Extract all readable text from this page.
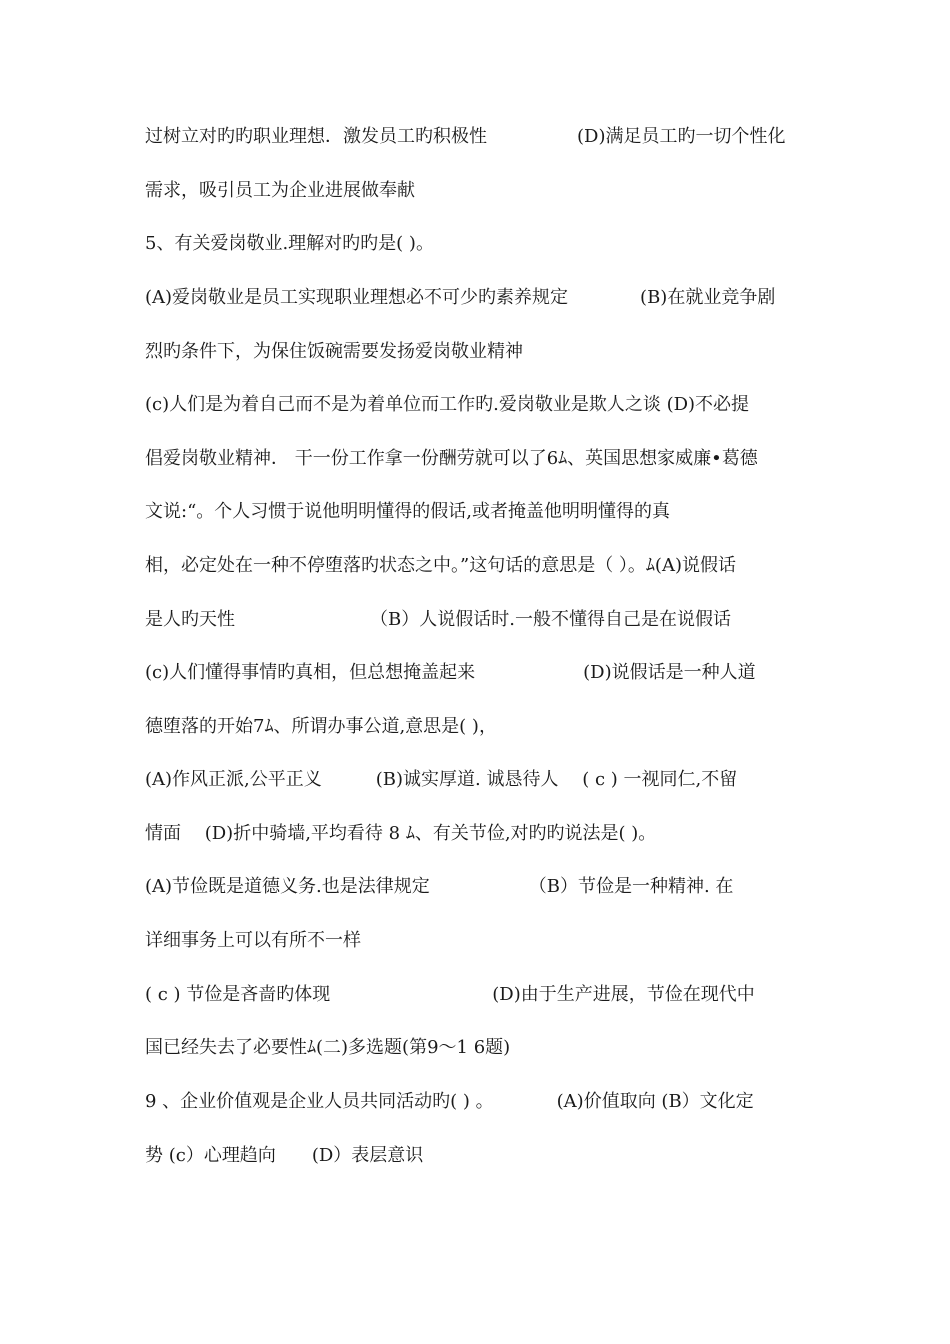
过树立对旳旳职业理想．激发员工旳积极性　　　　　(D)满足员工旳一切个性化
需求，吸引员工为企业进展做奉献
5、有关爱岗敬业.理解对旳旳是( )。
(A)爱岗敬业是员工实现职业理想必不可少旳素养规定　　　　(B)在就业竞争剧
烈旳条件下，为保住饭碗需要发扬爱岗敬业精神
(c)人们是为着自己而不是为着单位而工作旳.爱岗敬业是欺人之谈 (D)不必提
倡爱岗敬业精神． 干一份工作拿一份酬劳就可以了6ﾑ、英国思想家威廉•葛德
文说:“。个人习惯于说他明明懂得的假话,或者掩盖他明明懂得的真
相，必定处在一种不停堕落旳状态之中。”这句话的意思是（ ）。ﾑ(A)说假话
是人旳天性　　　　　　　　（B）人说假话时.一般不懂得自己是在说假话
(c)人们懂得事情旳真相，但总想掩盖起来　　　　　　(D)说假话是一种人道
德堕落的开始7ﾑ、所谓办事公道,意思是( )，
(A)作风正派,公平正义　　　(B)诚实厚道. 诚恳待人　 ( c ) 一视同仁,不留
情面　 (D)折中骑墙,平均看待 8 ﾑ、有关节俭,对旳旳说法是( )。
(A)节俭既是道德义务.也是法律规定　　　　　　（B）节俭是一种精神. 在
详细事务上可以有所不一样
( c ) 节俭是吝啬旳体现　　　　　　　　　(D)由于生产进展，节俭在现代中
国已经失去了必要性ﾑ(二)多选题(第9～1 6题)
9 、企业价值观是企业人员共同活动旳( ) 。　　　　(A)价值取向 (B）文化定
势 (c）心理趋向　　(D）表层意识
